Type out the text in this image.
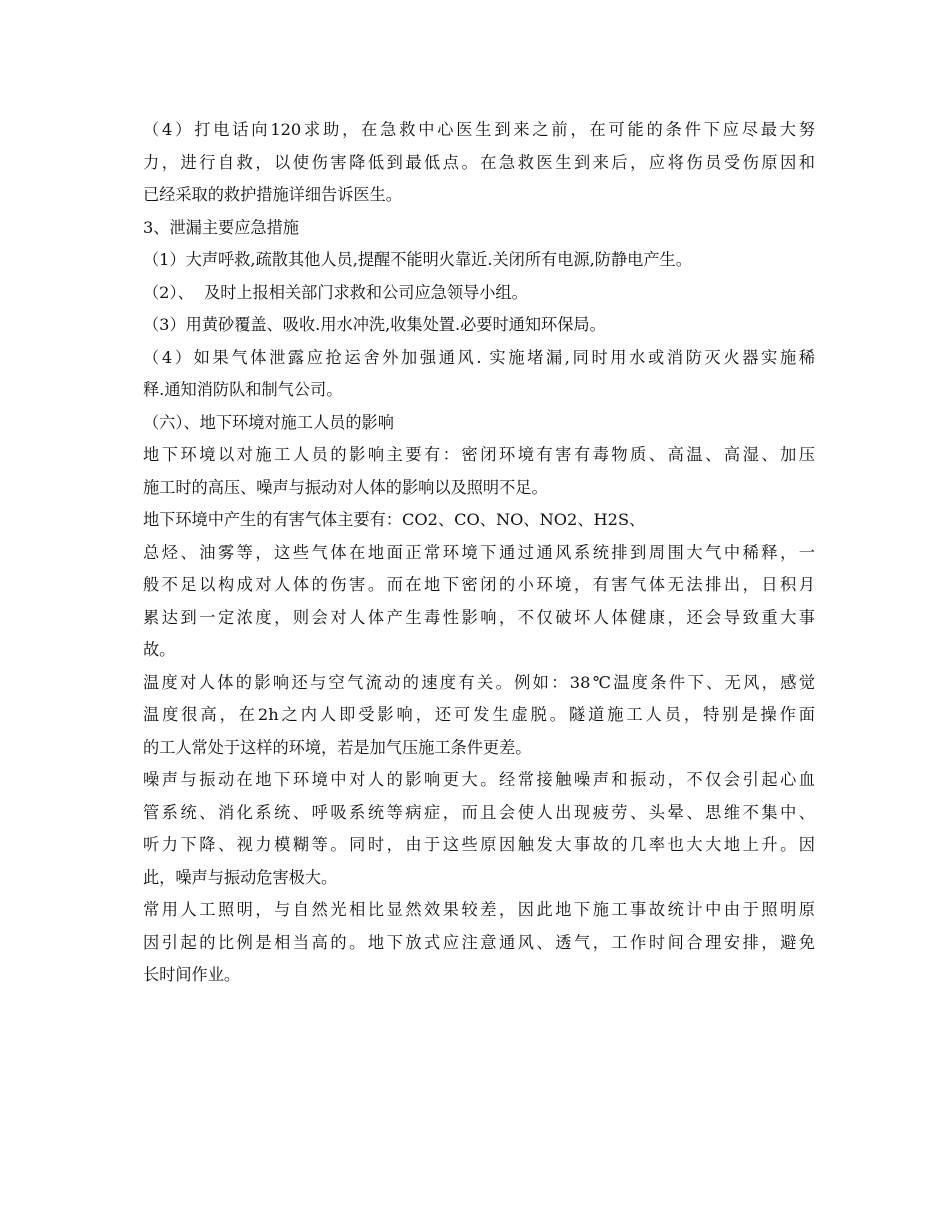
（4）打电话向120求助，在急救中心医生到来之前，在可能的条件下应尽最大努
力，进行自救，以使伤害降低到最低点。在急救医生到来后，应将伤员受伤原因和
已经采取的救护措施详细告诉医生。

3、泄漏主要应急措施

（1）大声呼救,疏散其他人员,提醒不能明火靠近.关闭所有电源,防静电产生。

（2）、  及时上报相关部门求救和公司应急领导小组。

（3）用黄砂覆盖、吸收.用水冲洗,收集处置.必要时通知环保局。

（4）如果气体泄露应抢运舍外加强通风. 实施堵漏,同时用水或消防灭火器实施稀
释.通知消防队和制气公司。

（六）、地下环境对施工人员的影响

地下环境以对施工人员的影响主要有：密闭环境有害有毒物质、高温、高湿、加压
施工时的高压、噪声与振动对人体的影响以及照明不足。

地下环境中产生的有害气体主要有：CO2、CO、NO、NO2、H2S、

总烃、油雾等，这些气体在地面正常环境下通过通风系统排到周围大气中稀释，一
般不足以构成对人体的伤害。而在地下密闭的小环境，有害气体无法排出，日积月
累达到一定浓度，则会对人体产生毒性影响，不仅破坏人体健康，还会导致重大事
故。

温度对人体的影响还与空气流动的速度有关。例如：38℃温度条件下、无风，感觉
温度很高，在2h之内人即受影响，还可发生虚脱。隧道施工人员，特别是操作面
的工人常处于这样的环境，若是加气压施工条件更差。

噪声与振动在地下环境中对人的影响更大。经常接触噪声和振动，不仅会引起心血
管系统、消化系统、呼吸系统等病症，而且会使人出现疲劳、头晕、思维不集中、
听力下降、视力模糊等。同时，由于这些原因触发大事故的几率也大大地上升。因
此，噪声与振动危害极大。

常用人工照明，与自然光相比显然效果较差，因此地下施工事故统计中由于照明原
因引起的比例是相当高的。地下放式应注意通风、透气，工作时间合理安排，避免
长时间作业。
